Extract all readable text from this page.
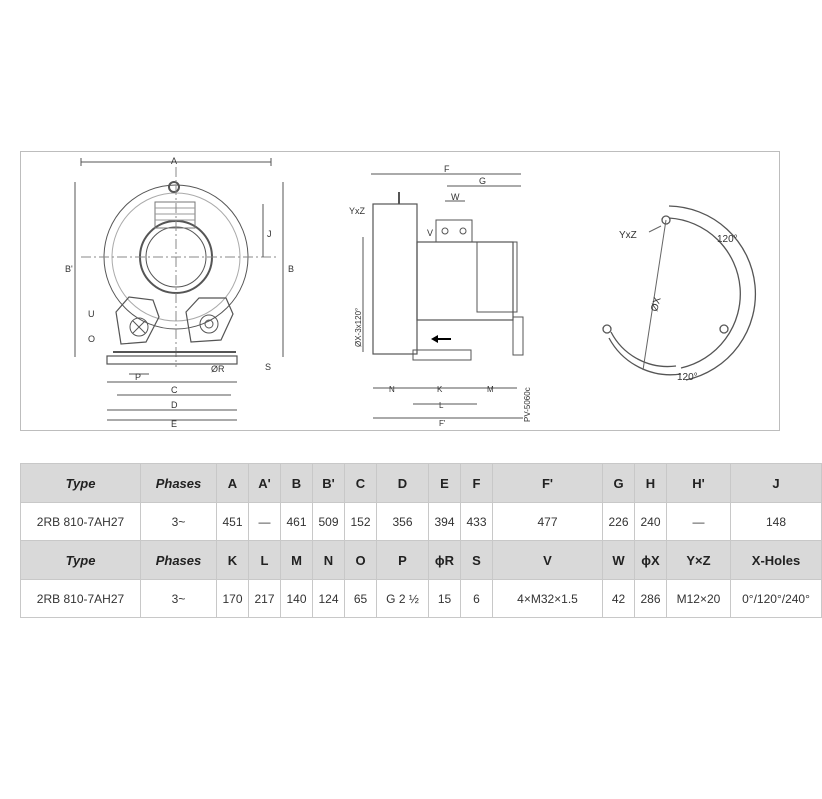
A
B'	B
J
U
O
P
C
D
E
ØR	S
F
G
W
V
YxZ
ØX-3x120°
N	K	M
L
F'
PV-5060c
YxZ	120°
120°
ØX
Type	Phases	A	A'	B	B'	C	D	E	F	F'	G	H	H'	J
2RB 810-7AH27	3~	451	—	461	509	152	356	394	433	477	226	240	—	148
Type	Phases	K	L	M	N	O	P	ϕR	S	V	W	ϕX	Y×Z	X-Holes
2RB 810-7AH27	3~	170	217	140	124	65	G 2 ½	15	6	4×M32×1.5	42	286	M12×20	0°/120°/240°
